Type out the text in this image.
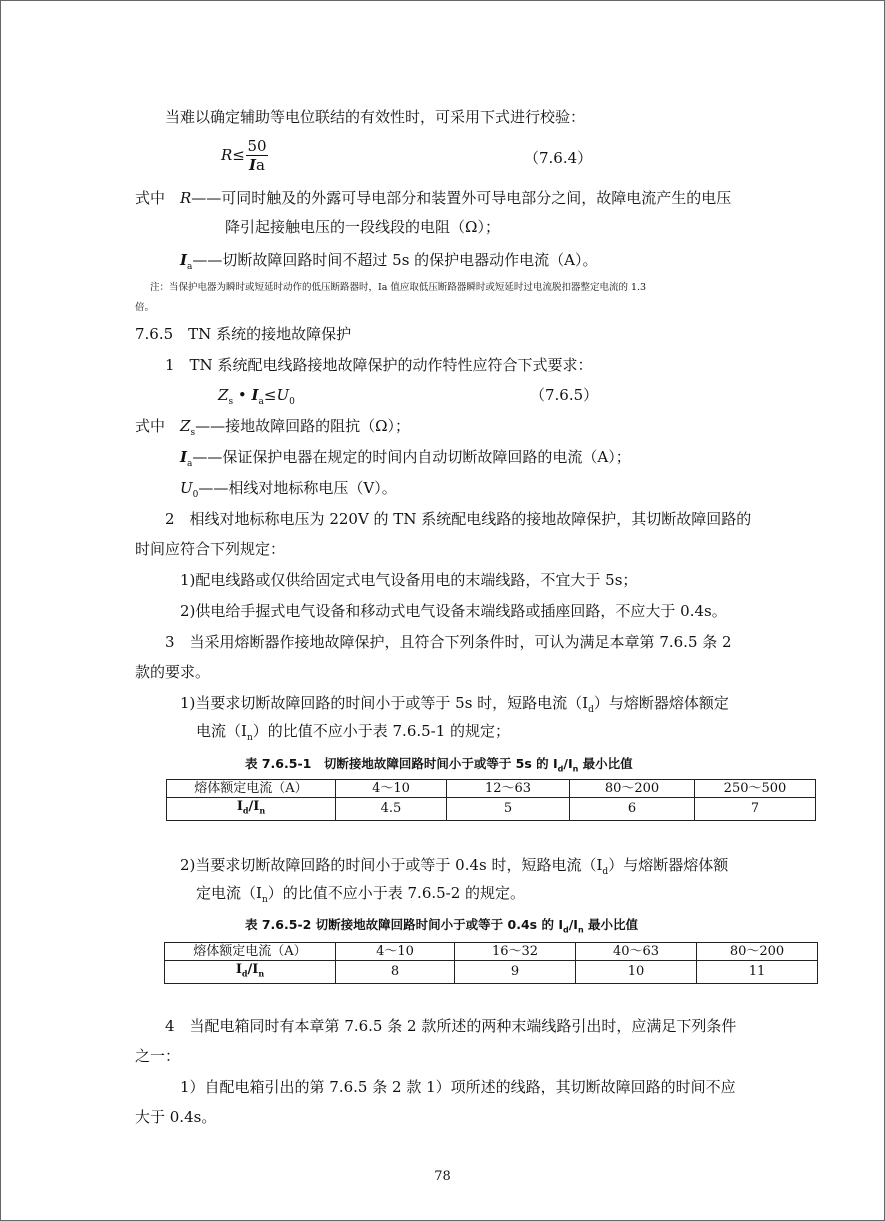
当难以确定辅助等电位联结的有效性时，可采用下式进行校验：
$R\le \frac{50}{Ia}$	（7.6.4）
式中 R——可同时触及的外露可导电部分和装置外可导电部分之间，故障电流产生的电压
降引起接触电压的一段线段的电阻（Ω）；
$I_a——$切断故障回路时间不超过 5s 的保护电器动作电流（A）。
注：当保护电器为瞬时或短延时动作的低压断路器时，Ia 值应取低压断路器瞬时或短延时过电流脱扣器整定电流的 1.3
倍。
7.6.5　TN 系统的接地故障保护
1　TN 系统配电线路接地故障保护的动作特性应符合下式要求：
$Z_s$ • $I_a\le U_0$	（7.6.5）
式中 $Z_s——$接地故障回路的阻抗（Ω）；
$I_a——$保证保护电器在规定的时间内自动切断故障回路的电流（A）；
$U_0——$相线对地标称电压（V）。
2　相线对地标称电压为 220V 的 TN 系统配电线路的接地故障保护，其切断故障回路的
时间应符合下列规定：
1)配电线路或仅供给固定式电气设备用电的末端线路，不宜大于 5s；
2)供电给手握式电气设备和移动式电气设备末端线路或插座回路，不应大于 0.4s。
3　当采用熔断器作接地故障保护，且符合下列条件时，可认为满足本章第 7.6.5 条 2
款的要求。
1)当要求切断故障回路的时间小于或等于 5s 时，短路电流$(I_d)$与熔断器熔体额定
电流$(I_n)$的比值不应小于表 7.6.5-1 的规定；
表 7.6.5-1　切断接地故障回路时间小于或等于 5s 的 $I_d/I_n$ 最小比值
熔体额定电流（A）	4～10	12～63	80～200	250～500
$I_d/I_n$	4.5	5	6	7
2)当要求切断故障回路的时间小于或等于 0.4s 时，短路电流$(I_d)$与熔断器熔体额
定电流$(I_n)$的比值不应小于表 7.6.5-2 的规定。
表 7.6.5-2 切断接地故障回路时间小于或等于 0.4s 的 $I_d/I_n$ 最小比值
熔体额定电流（A）	4～10	16～32	40～63	80～200
$I_d/I_n$	8	9	10	11
4　当配电箱同时有本章第 7.6.5 条 2 款所述的两种末端线路引出时，应满足下列条件
之一：
1）自配电箱引出的第 7.6.5 条 2 款 1）项所述的线路，其切断故障回路的时间不应
大于 0.4s。
78
